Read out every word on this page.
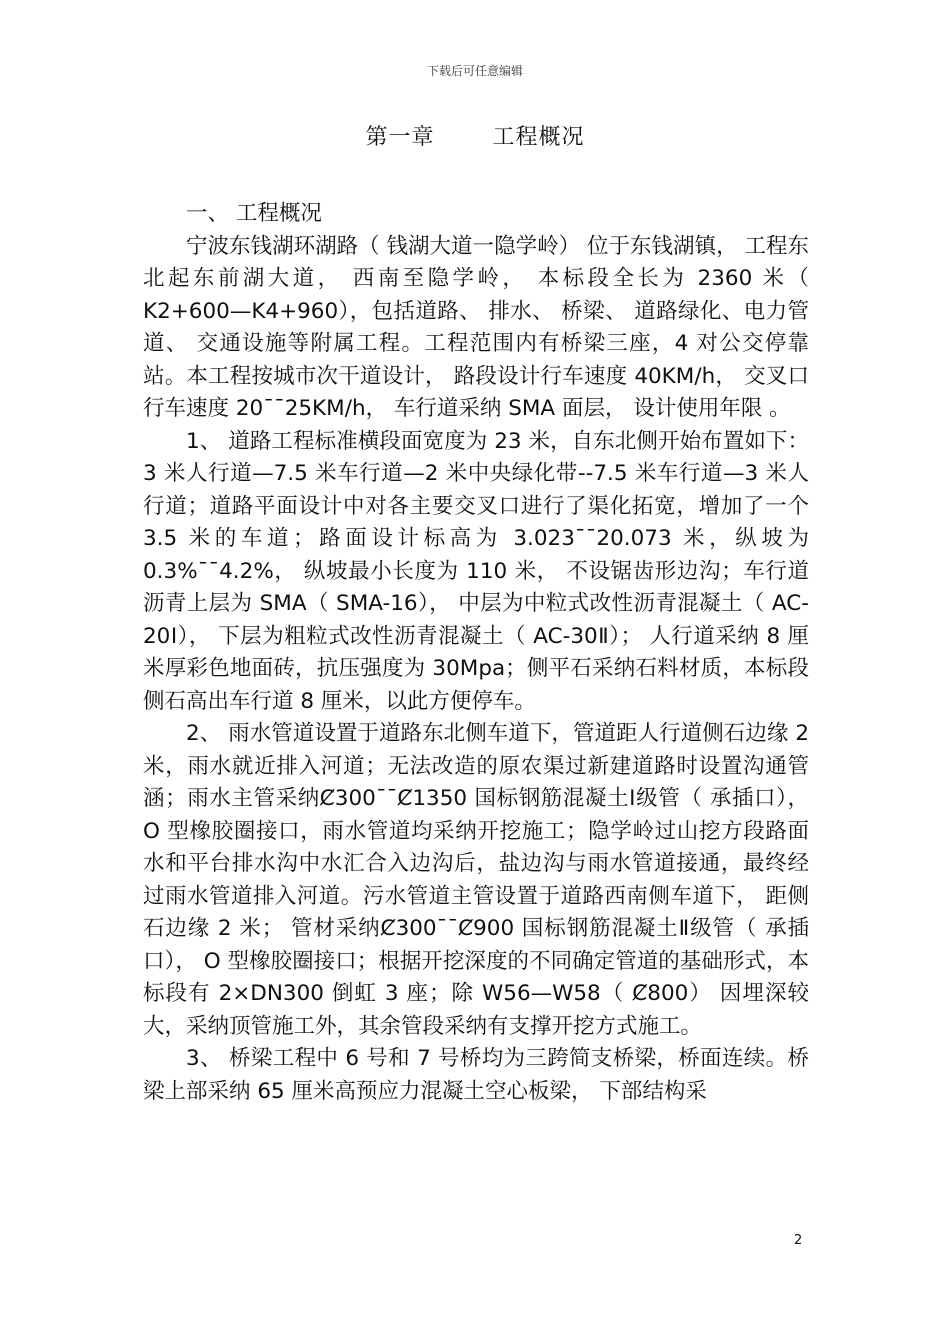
下载后可任意编辑
第一章	工程概况
一、 工程概况

宁波东钱湖环湖路（ 钱湖大道一隐学岭） 位于东钱湖镇， 工程东北起东前湖大道， 西南至隐学岭， 本标段全长为 2360 米（ K2+600—K4+960），包括道路、 排水、 桥梁、 道路绿化、电力管道、 交通设施等附属工程。工程范围内有桥梁三座，4 对公交停靠站。本工程按城市次干道设计， 路段设计行车速度 40KM/h， 交叉口行车速度 20¯¯25KM/h， 车行道采纳 SMA 面层， 设计使用年限 。

1、 道路工程标准横段面宽度为 23 米，自东北侧开始布置如下：3 米人行道—7.5 米车行道—2 米中央绿化带--7.5 米车行道—3 米人行道；道路平面设计中对各主要交叉口进行了渠化拓宽，增加了一个 3.5 米的车道；路面设计标高为 3.023¯¯20.073 米，纵坡为 0.3%¯¯4.2%， 纵坡最小长度为 110 米， 不设锯齿形边沟；车行道沥青上层为 SMA（ SMA-16）， 中层为中粒式改性沥青混凝土（ AC-20Ⅰ）， 下层为粗粒式改性沥青混凝土（ AC-30Ⅱ）； 人行道采纳 8 厘米厚彩色地面砖，抗压强度为 30Mpa；侧平石采纳石料材质，本标段侧石高出车行道 8 厘米，以此方便停车。

2、 雨水管道设置于道路东北侧车道下，管道距人行道侧石边缘 2 米，雨水就近排入河道；无法改造的原农渠过新建道路时设置沟通管涵；雨水主管采纳Ȼ300¯¯Ȼ1350 国标钢筋混凝土Ⅰ级管（ 承插口）， O 型橡胶圈接口，雨水管道均采纳开挖施工；隐学岭过山挖方段路面水和平台排水沟中水汇合入边沟后，盐边沟与雨水管道接通，最终经过雨水管道排入河道。污水管道主管设置于道路西南侧车道下， 距侧石边缘 2 米； 管材采纳Ȼ300¯¯Ȼ900 国标钢筋混凝土Ⅱ级管（ 承插口）， O 型橡胶圈接口；根据开挖深度的不同确定管道的基础形式，本标段有 2×DN300 倒虹 3 座；除 W56—W58（ Ȼ800） 因埋深较大，采纳顶管施工外，其余管段采纳有支撑开挖方式施工。

3、 桥梁工程中 6 号和 7 号桥均为三跨简支桥梁，桥面连续。桥梁上部采纳 65 厘米高预应力混凝土空心板梁， 下部结构采

2
